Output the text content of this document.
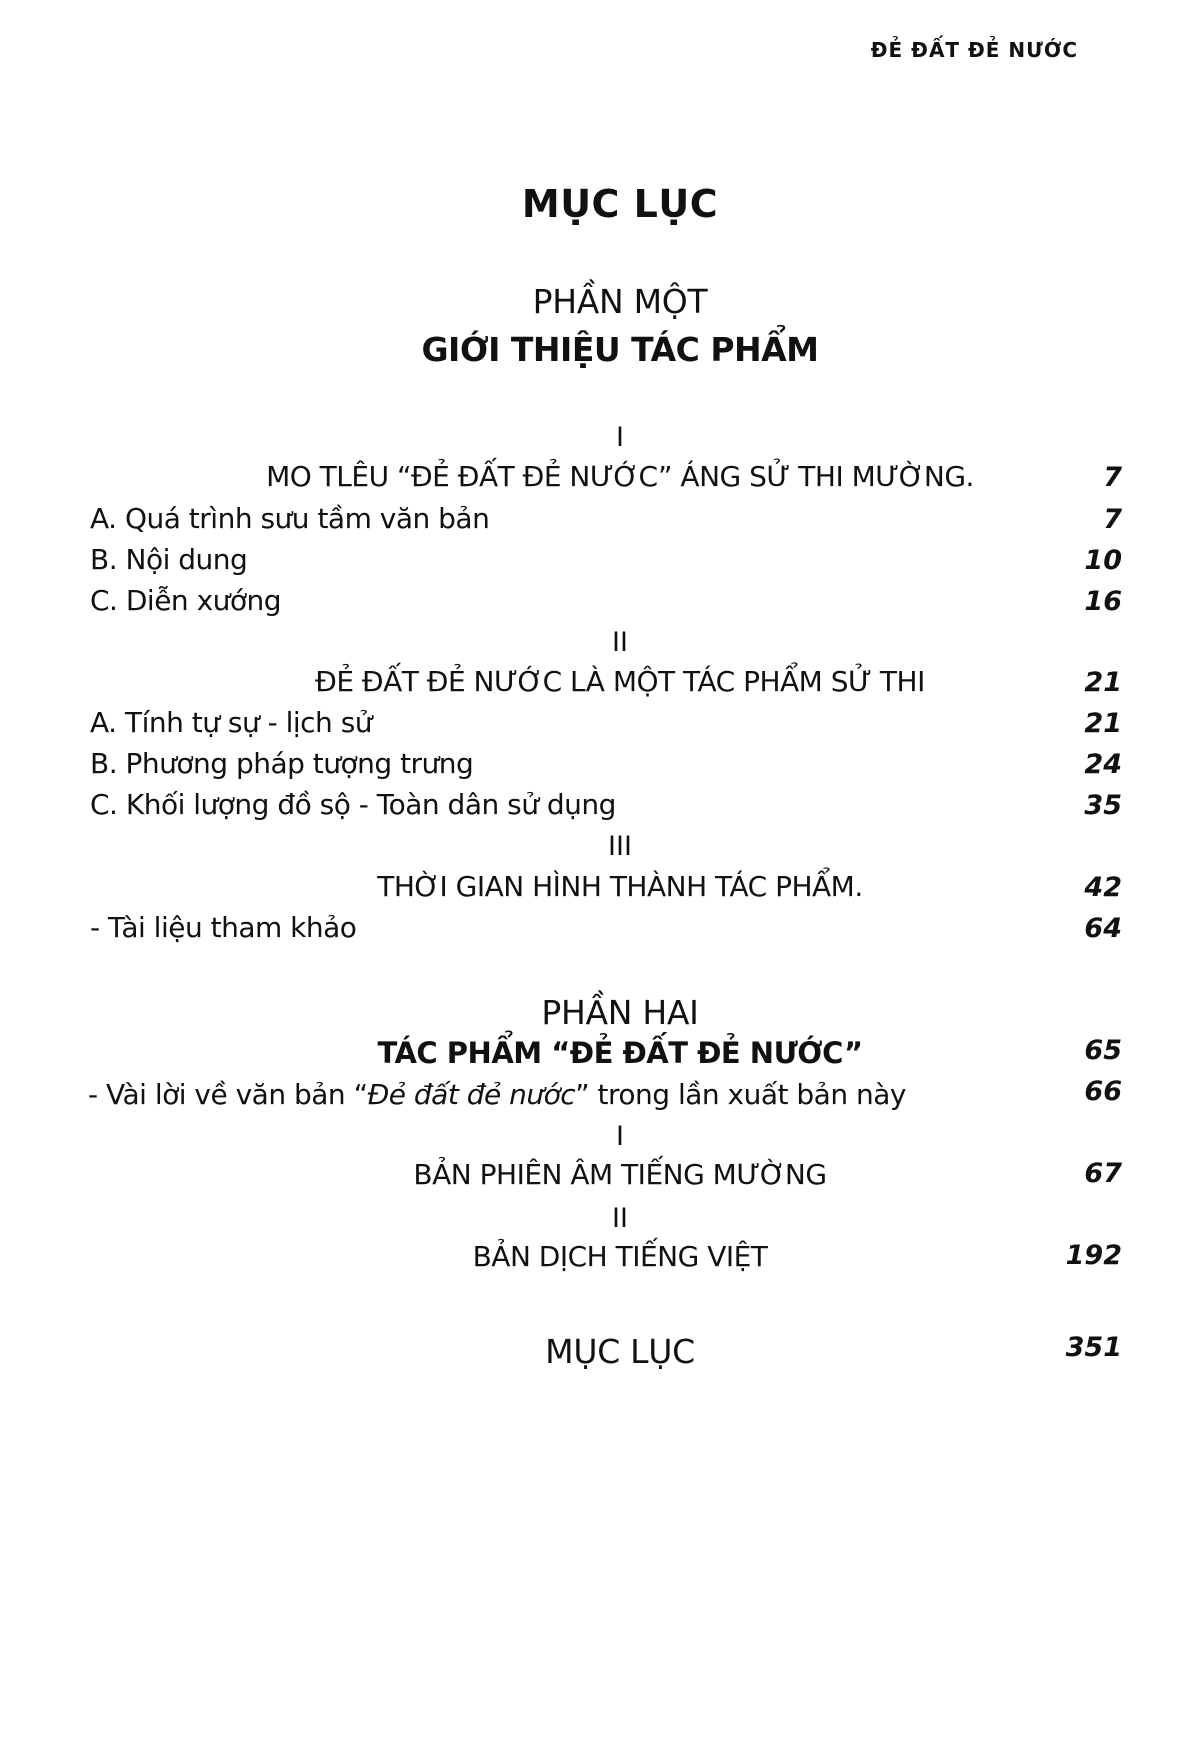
ĐẺ ĐẤT ĐẺ NƯỚC
MỤC LỤC
PHẦN MỘT
GIỚI THIỆU TÁC PHẨM
I
MO TLÊU “ĐẺ ĐẤT ĐẺ NƯỚC” ÁNG SỬ THI MƯỜNG.	7
A. Quá trình sưu tầm văn bản	7
B. Nội dung	10
C. Diễn xướng	16
II
ĐẺ ĐẤT ĐẺ NƯỚC LÀ MỘT TÁC PHẨM SỬ THI	21
A. Tính tự sự - lịch sử	21
B. Phương pháp tượng trưng	24
C. Khối lượng đồ sộ - Toàn dân sử dụng	35
III
THỜI GIAN HÌNH THÀNH TÁC PHẨM.	42
- Tài liệu tham khảo	64
PHẦN HAI
TÁC PHẨM “ĐẺ ĐẤT ĐẺ NƯỚC”	65
- Vài lời về văn bản “Đẻ đất đẻ nước” trong lần xuất bản này	66
I
BẢN PHIÊN ÂM TIẾNG MƯỜNG	67
II
BẢN DỊCH TIẾNG VIỆT	192
MỤC LỤC	351
